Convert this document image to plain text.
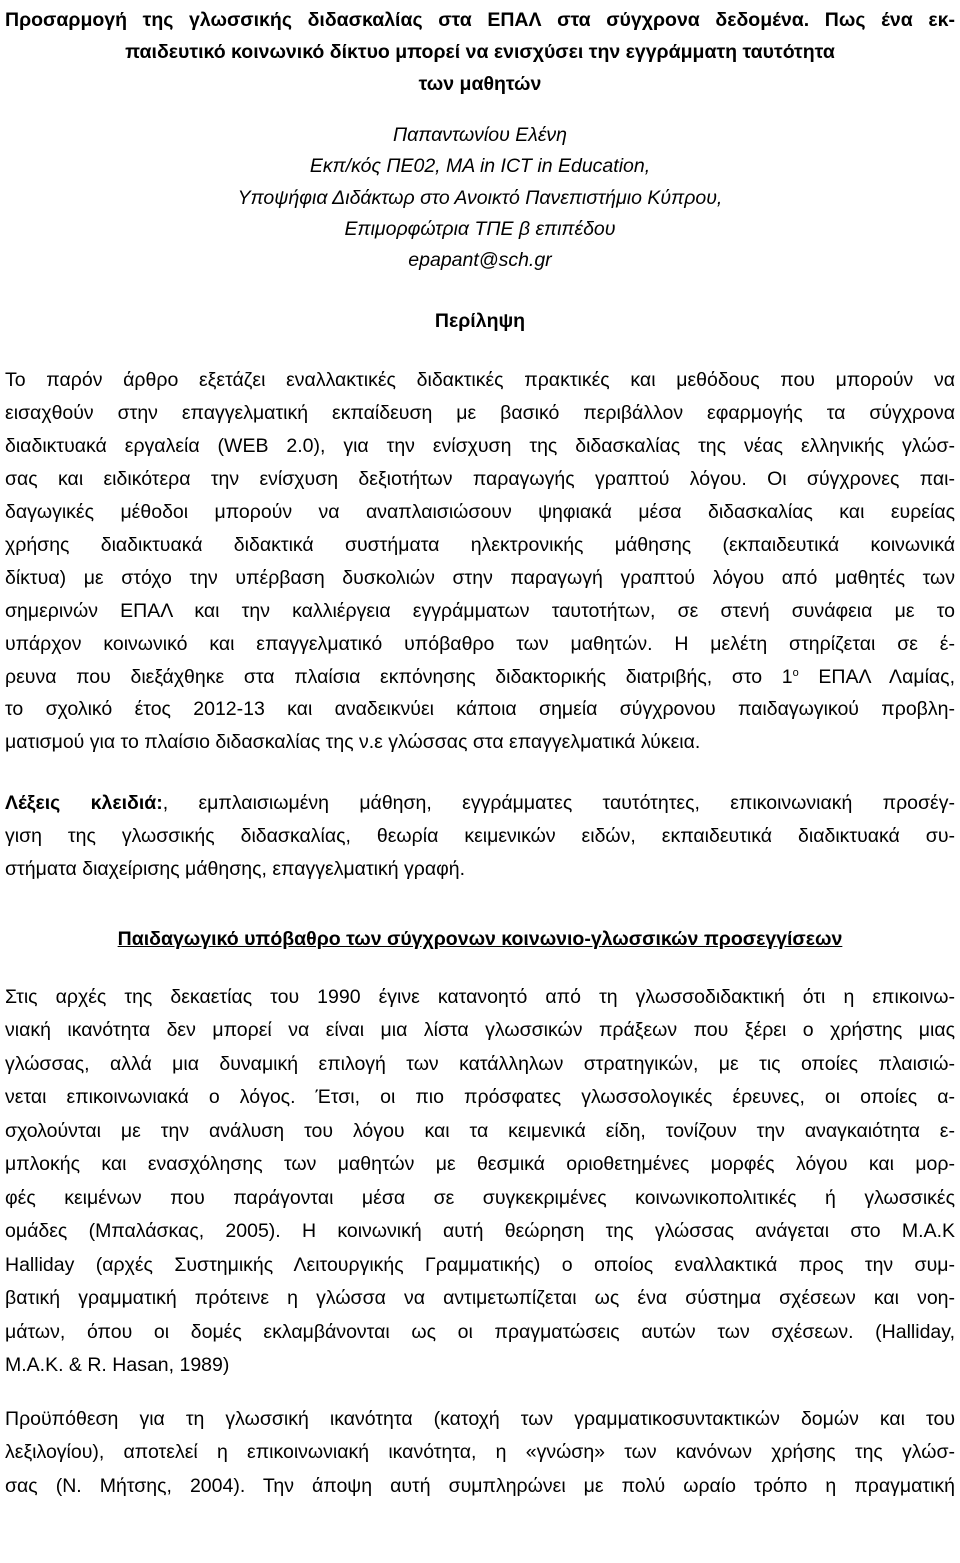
Προσαρμογή της γλωσσικής διδασκαλίας στα ΕΠΑΛ στα σύγχρονα δεδομένα. Πως ένα εκ-
παιδευτικό κοινωνικό δίκτυο μπορεί να ενισχύσει την εγγράμματη ταυτότητα
των μαθητών
Παπαντωνίου Ελένη
Εκπ/κός ΠΕ02, MA in ICT in Education,
Υποψήφια Διδάκτωρ στο Ανοικτό Πανεπιστήμιο Κύπρου,
Επιμορφώτρια ΤΠΕ β επιπέδου
epapant@sch.gr
Περίληψη
Το παρόν άρθρο εξετάζει εναλλακτικές διδακτικές πρακτικές και μεθόδους που μπορούν να
εισαχθούν στην επαγγελματική εκπαίδευση με βασικό περιβάλλον εφαρμογής τα σύγχρονα
διαδικτυακά εργαλεία (WEB 2.0), για την ενίσχυση της διδασκαλίας της νέας ελληνικής γλώσ-
σας και ειδικότερα την ενίσχυση δεξιοτήτων παραγωγής γραπτού λόγου. Οι σύγχρονες παι-
δαγωγικές μέθοδοι μπορούν να αναπλαισιώσουν ψηφιακά μέσα διδασκαλίας και ευρείας
χρήσης διαδικτυακά διδακτικά συστήματα ηλεκτρονικής μάθησης (εκπαιδευτικά κοινωνικά
δίκτυα) με στόχο την υπέρβαση δυσκολιών στην παραγωγή γραπτού λόγου από μαθητές των
σημερινών ΕΠΑΛ και την καλλιέργεια εγγράμματων ταυτοτήτων, σε στενή συνάφεια με το
υπάρχον κοινωνικό και επαγγελματικό υπόβαθρο των μαθητών. Η μελέτη στηρίζεται σε έ-
ρευνα που διεξάχθηκε στα πλαίσια εκπόνησης διδακτορικής διατριβής, στο $1^o$ ΕΠΑΛ Λαμίας,
το σχολικό έτος 2012-13 και αναδεικνύει κάποια σημεία σύγχρονου παιδαγωγικού προβλη-
ματισμού για το πλαίσιο διδασκαλίας της ν.ε γλώσσας στα επαγγελματικά λύκεια.
Λέξεις κλειδιά:, εμπλαισιωμένη μάθηση, εγγράμματες ταυτότητες, επικοινωνιακή προσέγ-
γιση της γλωσσικής διδασκαλίας, θεωρία κειμενικών ειδών, εκπαιδευτικά διαδικτυακά συ-
στήματα διαχείρισης μάθησης, επαγγελματική γραφή.
Παιδαγωγικό υπόβαθρο των σύγχρονων κοινωνιο-γλωσσικών προσεγγίσεων
Στις αρχές της δεκαετίας του 1990 έγινε κατανοητό από τη γλωσσοδιδακτική ότι η επικοινω-
νιακή ικανότητα δεν μπορεί να είναι μια λίστα γλωσσικών πράξεων που ξέρει ο χρήστης μιας
γλώσσας, αλλά μια δυναμική επιλογή των κατάλληλων στρατηγικών, με τις οποίες πλαισιώ-
νεται επικοινωνιακά ο λόγος. Έτσι, οι πιο πρόσφατες γλωσσολογικές έρευνες, οι οποίες α-
σχολούνται με την ανάλυση του λόγου και τα κειμενικά είδη, τονίζουν την αναγκαιότητα ε-
μπλοκής και ενασχόλησης των μαθητών με θεσμικά οριοθετημένες μορφές λόγου και μορ-
φές κειμένων που παράγονται μέσα σε συγκεκριμένες κοινωνικοπολιτικές ή γλωσσικές
ομάδες (Μπαλάσκας, 2005). Η κοινωνική αυτή θεώρηση της γλώσσας ανάγεται στο M.A.K
Halliday (αρχές Συστημικής Λειτουργικής Γραμματικής) ο οποίος εναλλακτικά προς την συμ-
βατική γραμματική πρότεινε η γλώσσα να αντιμετωπίζεται ως ένα σύστημα σχέσεων και νοη-
μάτων, όπου οι δομές εκλαμβάνονται ως οι πραγματώσεις αυτών των σχέσεων. (Halliday,
M.A.K. & R. Hasan, 1989)
Προϋπόθεση για τη γλωσσική ικανότητα (κατοχή των γραμματικοσυντακτικών δομών και του
λεξιλογίου), αποτελεί η επικοινωνιακή ικανότητα, η «γνώση» των κανόνων χρήσης της γλώσ-
σας (Ν. Μήτσης, 2004). Την άποψη αυτή συμπληρώνει με πολύ ωραίο τρόπο η πραγματική
